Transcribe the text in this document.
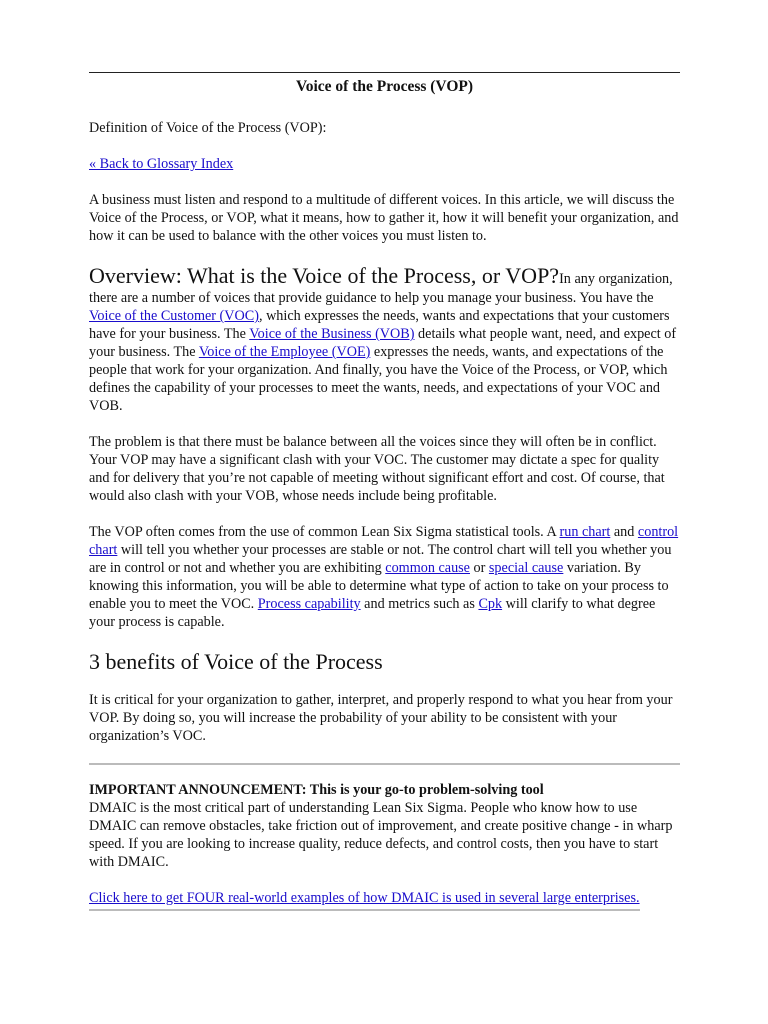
Voice of the Process (VOP)

Definition of Voice of the Process (VOP):

« Back to Glossary Index

A business must listen and respond to a multitude of different voices. In this article, we will discuss the Voice of the Process, or VOP, what it means, how to gather it, how it will benefit your organization, and how it can be used to balance with the other voices you must listen to.

Overview: What is the Voice of the Process, or VOP?In any organization, there are a number of voices that provide guidance to help you manage your business. You have the Voice of the Customer (VOC), which expresses the needs, wants and expectations that your customers have for your business. The Voice of the Business (VOB) details what people want, need, and expect of your business. The Voice of the Employee (VOE) expresses the needs, wants, and expectations of the people that work for your organization. And finally, you have the Voice of the Process, or VOP, which defines the capability of your processes to meet the wants, needs, and expectations of your VOC and VOB.

The problem is that there must be balance between all the voices since they will often be in conflict. Your VOP may have a significant clash with your VOC. The customer may dictate a spec for quality and for delivery that you’re not capable of meeting without significant effort and cost. Of course, that would also clash with your VOB, whose needs include being profitable.

The VOP often comes from the use of common Lean Six Sigma statistical tools. A run chart and control chart will tell you whether your processes are stable or not. The control chart will tell you whether you are in control or not and whether you are exhibiting common cause or special cause variation. By knowing this information, you will be able to determine what type of action to take on your process to enable you to meet the VOC. Process capability and metrics such as Cpk will clarify to what degree your process is capable.

3 benefits of Voice of the Process

It is critical for your organization to gather, interpret, and properly respond to what you hear from your VOP. By doing so, you will increase the probability of your ability to be consistent with your organization’s VOC.

IMPORTANT ANNOUNCEMENT: This is your go-to problem-solving tool

DMAIC is the most critical part of understanding Lean Six Sigma. People who know how to use DMAIC can remove obstacles, take friction out of improvement, and create positive change - in wharp speed. If you are looking to increase quality, reduce defects, and control costs, then you have to start with DMAIC.

Click here to get FOUR real-world examples of how DMAIC is used in several large enterprises.
